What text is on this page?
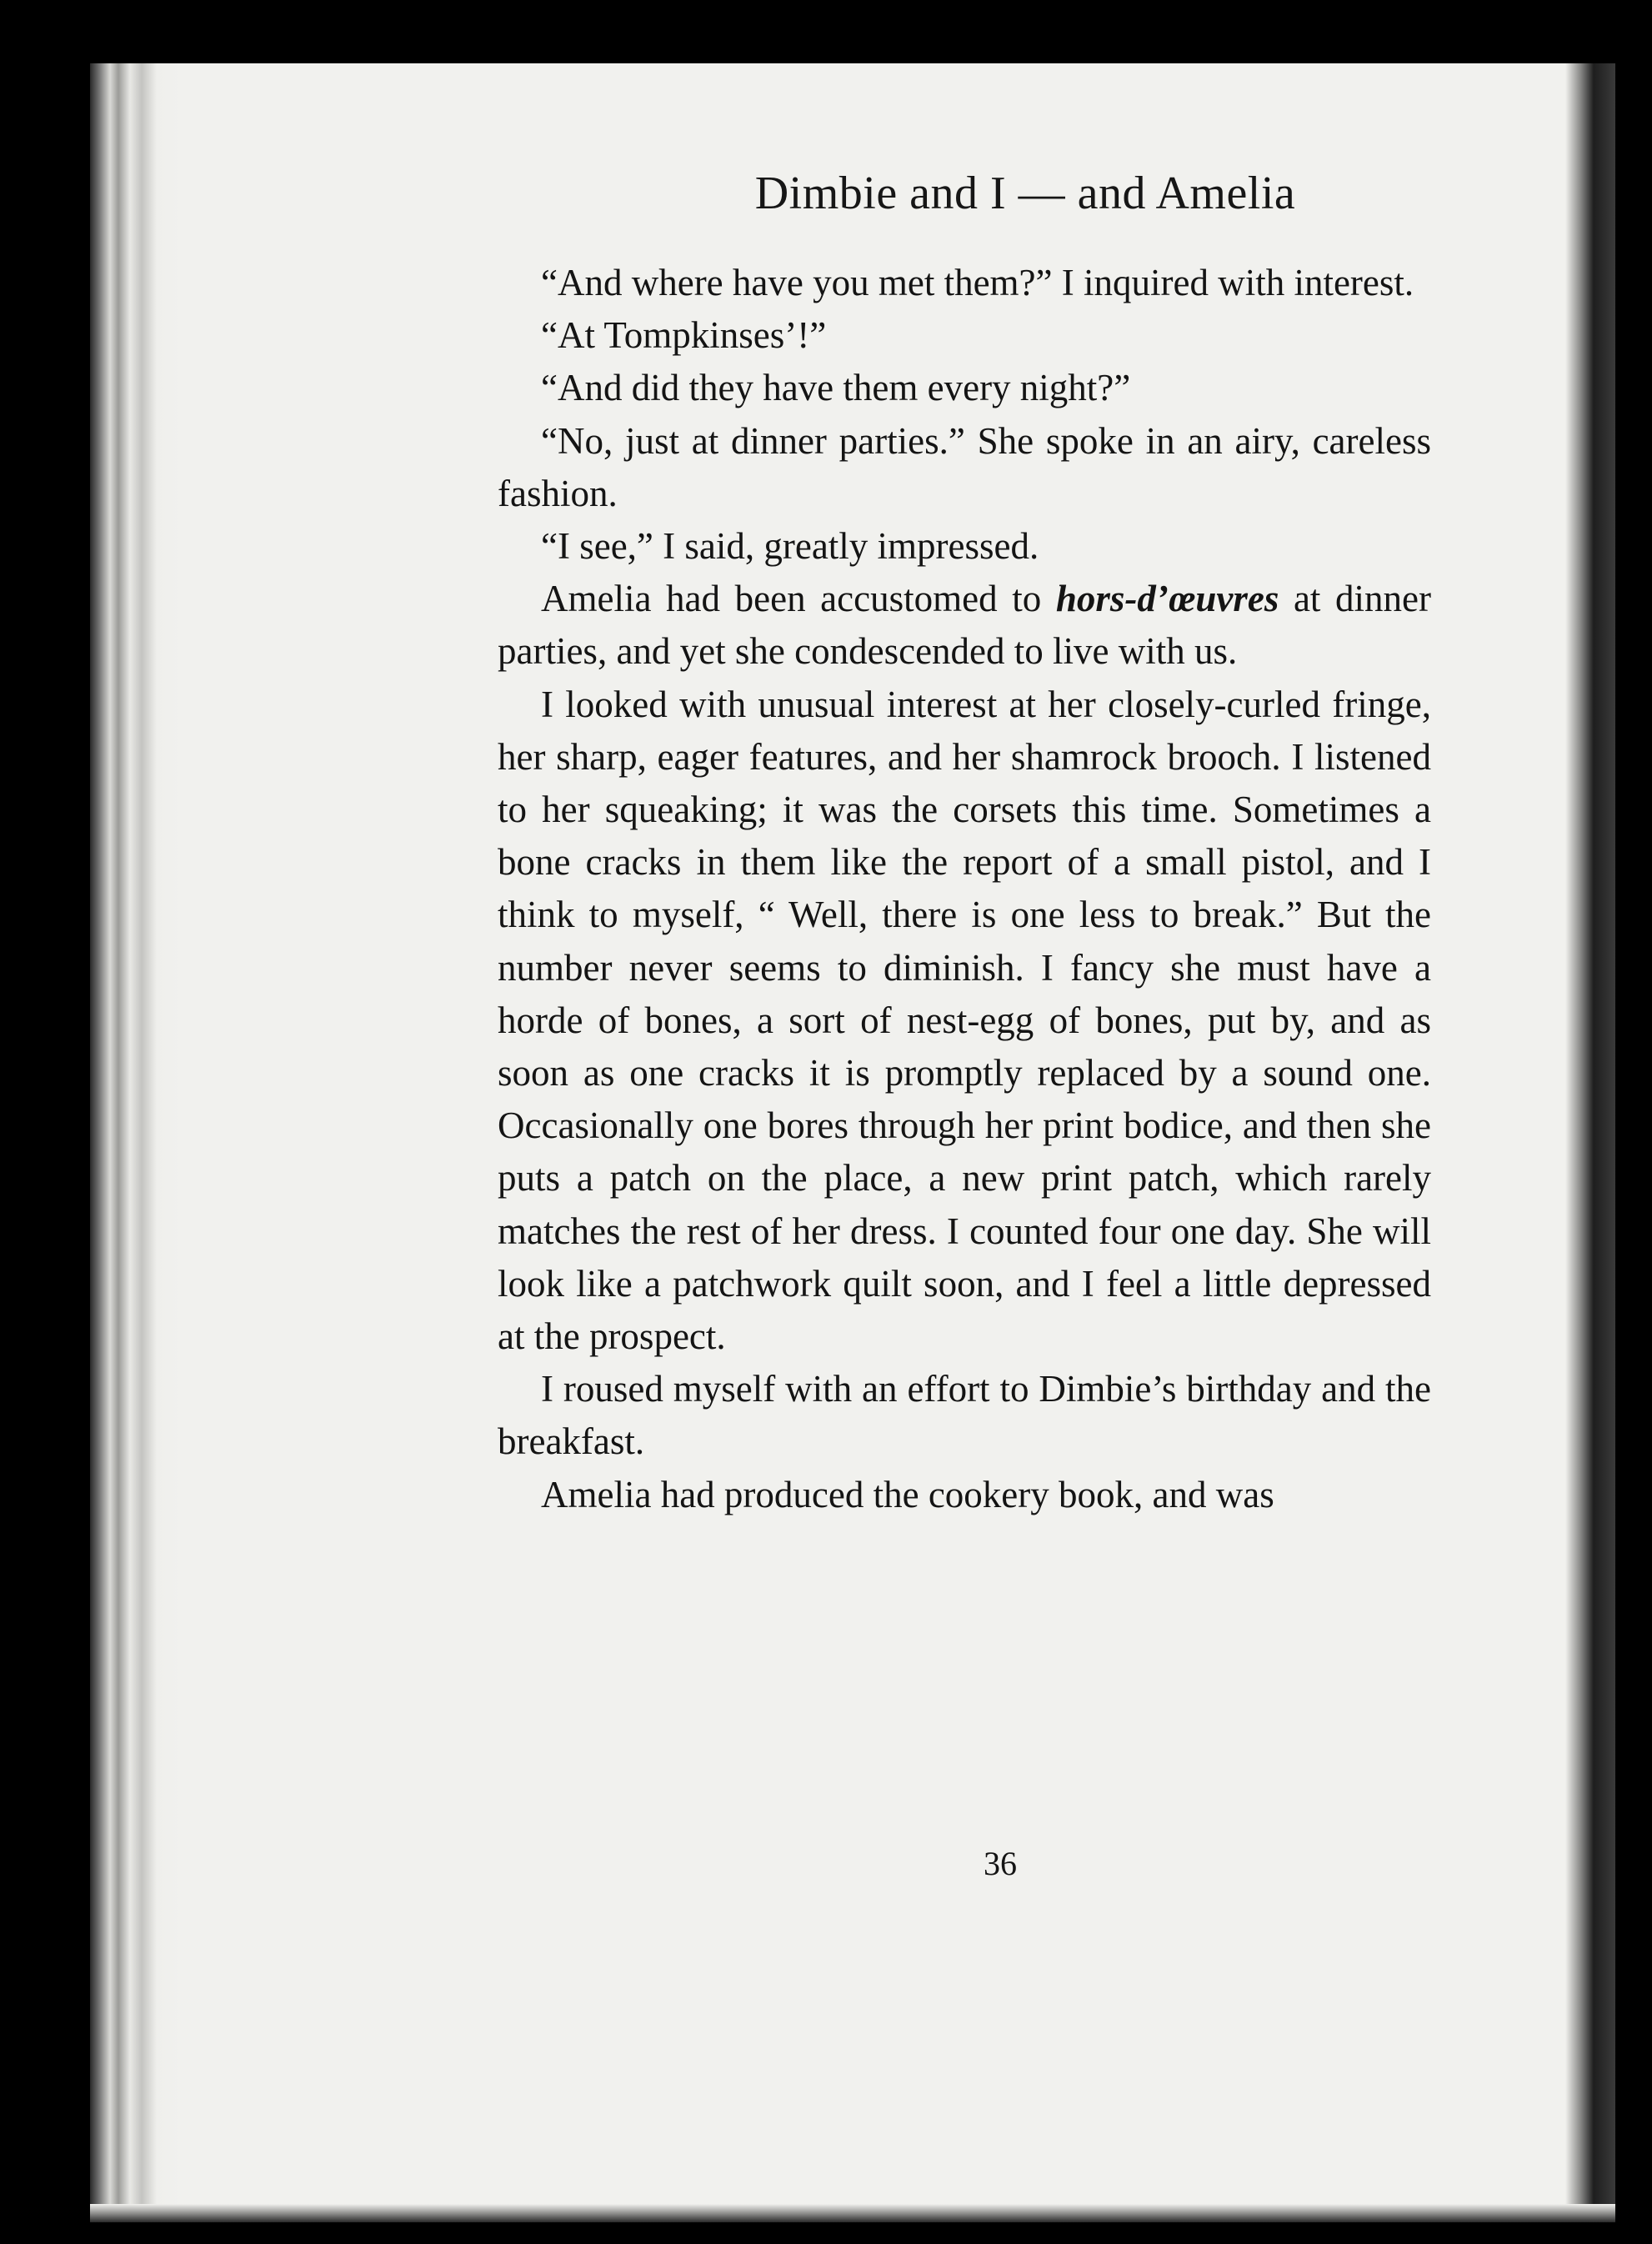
Dimbie and I — and Amelia

“And where have you met them?” I inquired with interest.

“At Tompkinses’!”

“And did they have them every night?”

“No, just at dinner parties.” She spoke in an airy, careless fashion.

“I see,” I said, greatly impressed.

Amelia had been accustomed to hors-d’œuvres at dinner parties, and yet she condescended to live with us.

I looked with unusual interest at her closely-curled fringe, her sharp, eager features, and her shamrock brooch. I listened to her squeaking; it was the corsets this time. Sometimes a bone cracks in them like the report of a small pistol, and I think to myself, “ Well, there is one less to break.” But the number never seems to diminish. I fancy she must have a horde of bones, a sort of nest-egg of bones, put by, and as soon as one cracks it is promptly replaced by a sound one. Occasionally one bores through her print bodice, and then she puts a patch on the place, a new print patch, which rarely matches the rest of her dress. I counted four one day. She will look like a patchwork quilt soon, and I feel a little depressed at the prospect.

I roused myself with an effort to Dimbie’s birthday and the breakfast.

Amelia had produced the cookery book, and was

36
